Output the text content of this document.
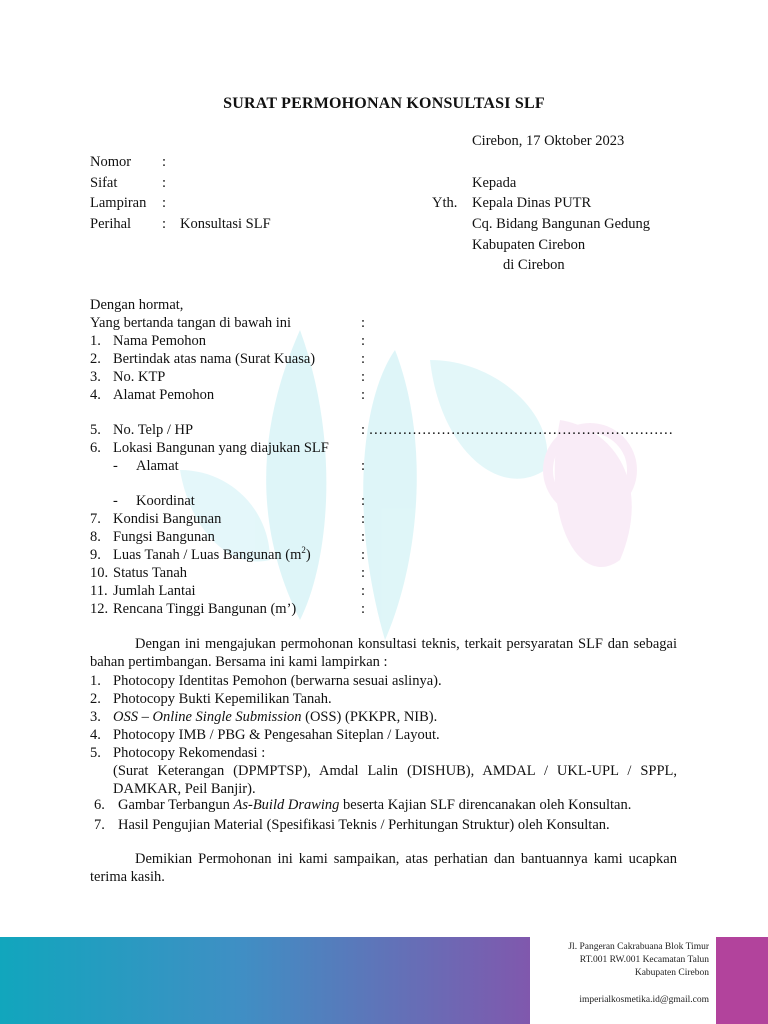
SURAT PERMOHONAN KONSULTASI SLF
Cirebon, 17 Oktober 2023
Nomor :
Sifat	:
Lampiran :
Perihal : Konsultasi SLF
Kepada
Yth. Kepala Dinas PUTR
Cq. Bidang Bangunan Gedung
Kabupaten Cirebon
di Cirebon
Dengan hormat,
Yang bertanda tangan di bawah ini	:
1. Nama Pemohon	:
2. Bertindak atas nama (Surat Kuasa)	:
3. No. KTP	:
4. Alamat Pemohon	:
5. No. Telp / HP	: ………………………………………………………
6. Lokasi Bangunan yang diajukan SLF
- Alamat	:
- Koordinat	:
7. Kondisi Bangunan	:
8. Fungsi Bangunan	:
9. Luas Tanah / Luas Bangunan $(m^2)$	:
10. Status Tanah	:
11. Jumlah Lantai	:
12. Rencana Tinggi Bangunan (m’)	:
Dengan ini mengajukan permohonan konsultasi teknis, terkait persyaratan SLF dan sebagai bahan pertimbangan. Bersama ini kami lampirkan :
1. Photocopy Identitas Pemohon (berwarna sesuai aslinya).
2. Photocopy Bukti Kepemilikan Tanah.
3. OSS – Online Single Submission (OSS) (PKKPR, NIB).
4. Photocopy IMB / PBG & Pengesahan Siteplan / Layout.
5. Photocopy Rekomendasi :
(Surat Keterangan (DPMPTSP), Amdal Lalin (DISHUB), AMDAL / UKL-UPL / SPPL, DAMKAR, Peil Banjir).
6. Gambar Terbangun As-Build Drawing beserta Kajian SLF direncanakan oleh Konsultan.
7. Hasil Pengujian Material (Spesifikasi Teknis / Perhitungan Struktur) oleh Konsultan.
Demikian Permohonan ini kami sampaikan, atas perhatian dan bantuannya kami ucapkan terima kasih.
Jl. Pangeran Cakrabuana Blok Timur
RT.001 RW.001 Kecamatan Talun
Kabupaten Cirebon
imperialkosmetika.id@gmail.com
